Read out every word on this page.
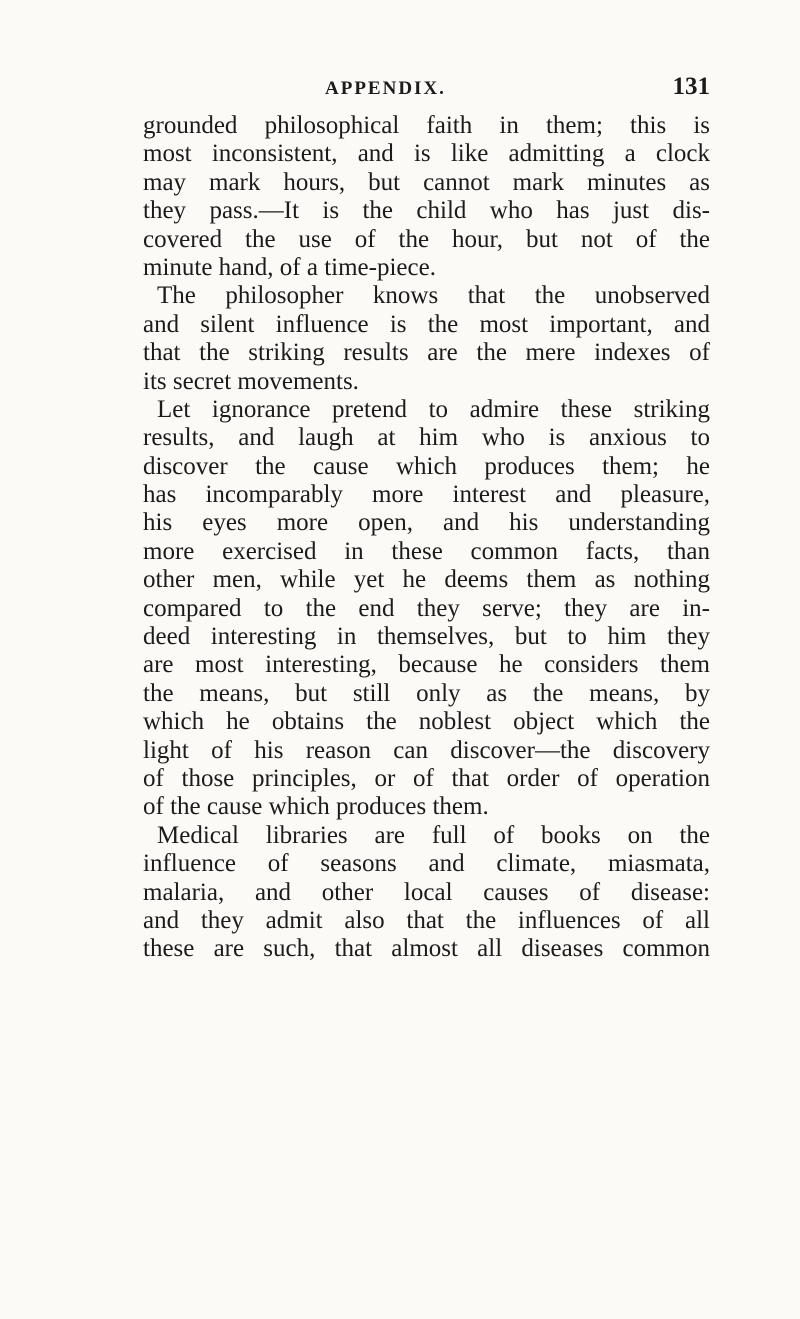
APPENDIX.	131
grounded philosophical faith in them; this is
most inconsistent, and is like admitting a clock
may mark hours, but cannot mark minutes as
they pass.—It is the child who has just dis-
covered the use of the hour, but not of the
minute hand, of a time-piece.
The philosopher knows that the unobserved
and silent influence is the most important, and
that the striking results are the mere indexes of
its secret movements.
Let ignorance pretend to admire these striking
results, and laugh at him who is anxious to
discover the cause which produces them; he
has incomparably more interest and pleasure,
his eyes more open, and his understanding
more exercised in these common facts, than
other men, while yet he deems them as nothing
compared to the end they serve; they are in-
deed interesting in themselves, but to him they
are most interesting, because he considers them
the means, but still only as the means, by
which he obtains the noblest object which the
light of his reason can discover—the discovery
of those principles, or of that order of operation
of the cause which produces them.
Medical libraries are full of books on the
influence of seasons and climate, miasmata,
malaria, and other local causes of disease:
and they admit also that the influences of all
these are such, that almost all diseases common
